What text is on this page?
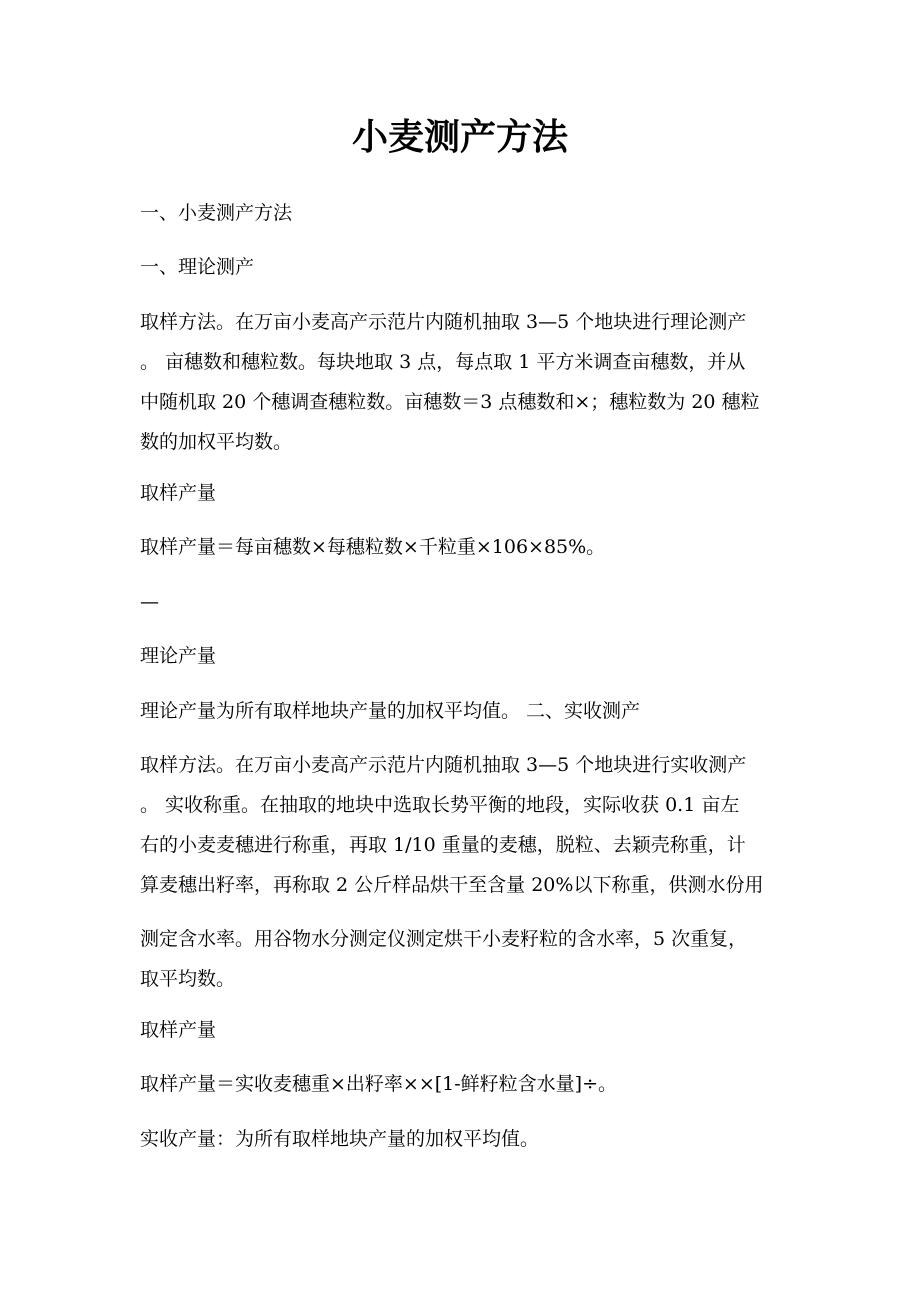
小麦测产方法

一、小麦测产方法

一、理论测产

取样方法。在万亩小麦高产示范片内随机抽取 3—5 个地块进行理论测产
。 亩穗数和穗粒数。每块地取 3 点，每点取 1 平方米调查亩穗数，并从
中随机取 20 个穗调查穗粒数。亩穗数＝3 点穗数和×；穗粒数为 20 穗粒
数的加权平均数。

取样产量

取样产量＝每亩穗数×每穗粒数×千粒重×106×85%。

—

理论产量

理论产量为所有取样地块产量的加权平均值。 二、实收测产

取样方法。在万亩小麦高产示范片内随机抽取 3—5 个地块进行实收测产
。 实收称重。在抽取的地块中选取长势平衡的地段，实际收获 0.1 亩左
右的小麦麦穗进行称重，再取 1/10 重量的麦穗，脱粒、去颖壳称重，计
算麦穗出籽率，再称取 2 公斤样品烘干至含量 20%以下称重，供测水份用
测定含水率。用谷物水分测定仪测定烘干小麦籽粒的含水率，5 次重复，
取平均数。

取样产量

取样产量＝实收麦穗重×出籽率××[1-鲜籽粒含水量]÷。

实收产量：为所有取样地块产量的加权平均值。
